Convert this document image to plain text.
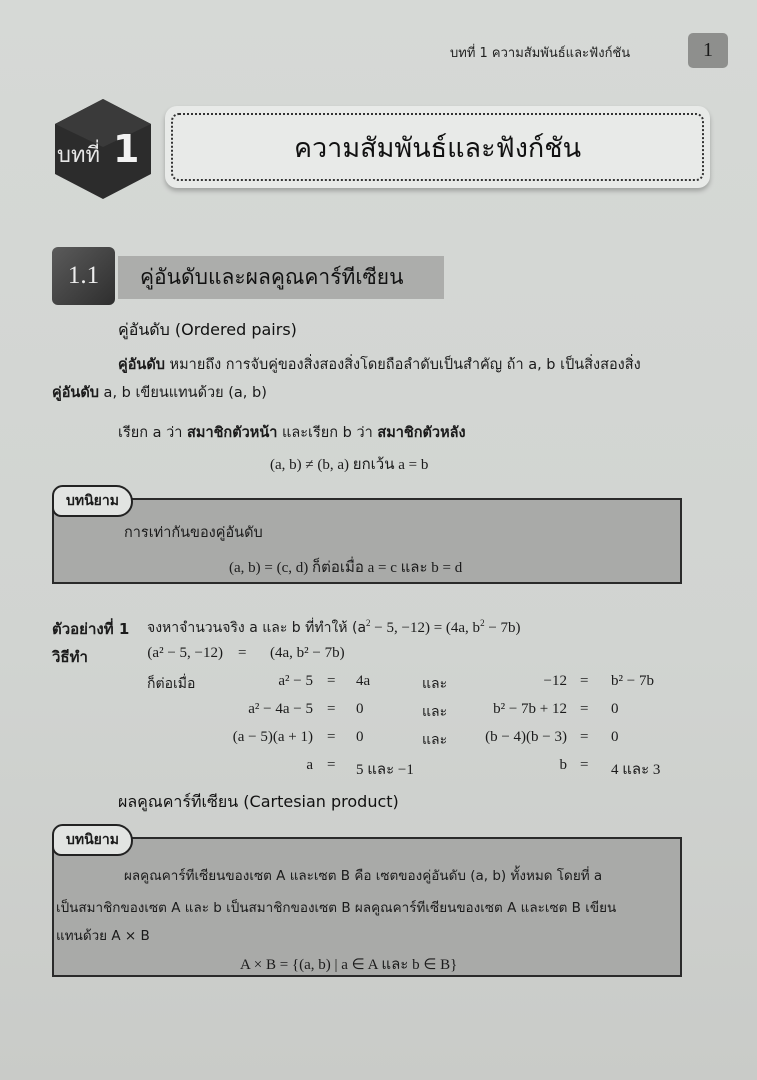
บทที่ 1 ความสัมพันธ์และฟังก์ชัน	1
บทที่ 1	ความสัมพันธ์และฟังก์ชัน
1.1	คู่อันดับและผลคูณคาร์ทีเซียน
คู่อันดับ (Ordered pairs)
คู่อันดับ หมายถึง การจับคู่ของสิ่งสองสิ่งโดยถือลำดับเป็นสำคัญ ถ้า a, b เป็นสิ่งสองสิ่ง
คู่อันดับ a, b เขียนแทนด้วย (a, b)
เรียก a ว่า สมาชิกตัวหน้า และเรียก b ว่า สมาชิกตัวหลัง
(a, b) ≠ (b, a) ยกเว้น a = b
การเท่ากันของคู่อันดับ
(a, b) = (c, d) ก็ต่อเมื่อ a = c และ b = d
บทนิยาม
ตัวอย่างที่ 1 จงหาจำนวนจริง a และ b ที่ทำให้ ($a^2 - 5$, −12) = (4a, $b^2 - 7b$)
วิธีทำ	(a² − 5, −12) =	(4a, b² − 7b)
ก็ต่อเมื่อ	a² − 5 = 4a	และ	−12 = b² − 7b
a² − 4a − 5 = 0	และ	b² − 7b + 12 = 0
(a − 5)(a + 1) = 0	และ	(b − 4)(b − 3) = 0
a = 5 และ −1	b = 4 และ 3
ผลคูณคาร์ทีเซียน (Cartesian product)
ผลคูณคาร์ทีเซียนของเซต A และเซต B คือ เซตของคู่อันดับ (a, b) ทั้งหมด โดยที่ a
เป็นสมาชิกของเซต A และ b เป็นสมาชิกของเซต B ผลคูณคาร์ทีเซียนของเซต A และเซต B เขียน
แทนด้วย A × B
A × B = {(a, b) | a ∈ A และ b ∈ B}
บทนิยาม
